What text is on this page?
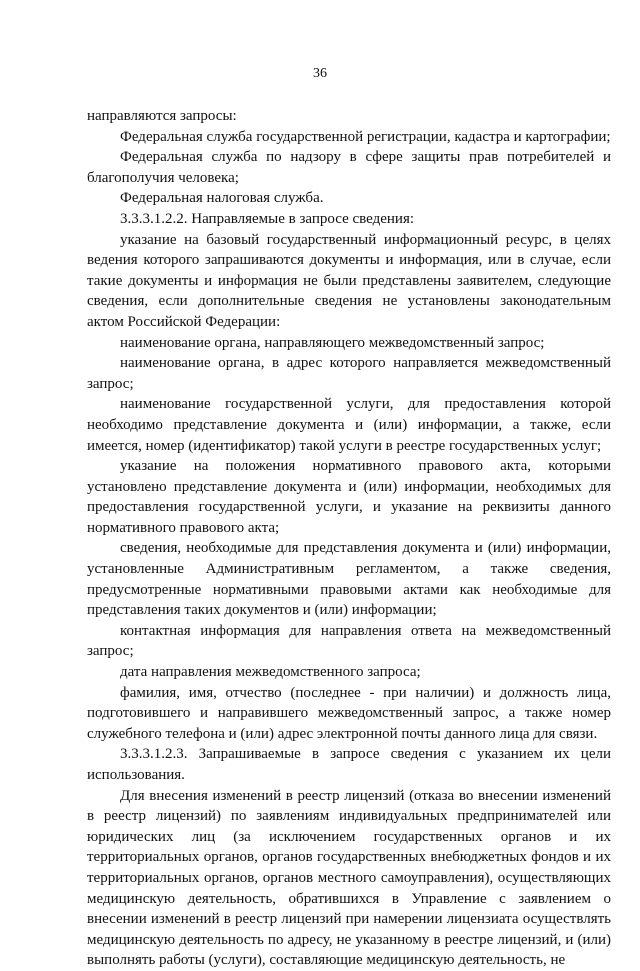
36

направляются запросы:

Федеральная служба государственной регистрации, кадастра и картографии;

Федеральная служба по надзору в сфере защиты прав потребителей и благополучия человека;

Федеральная налоговая служба.

3.3.3.1.2.2. Направляемые в запросе сведения:

указание на базовый государственный информационный ресурс, в целях ведения которого запрашиваются документы и информация, или в случае, если такие документы и информация не были представлены заявителем, следующие сведения, если дополнительные сведения не установлены законодательным актом Российской Федерации:

наименование органа, направляющего межведомственный запрос;

наименование органа, в адрес которого направляется межведомственный запрос;

наименование государственной услуги, для предоставления которой необходимо представление документа и (или) информации, а также, если имеется, номер (идентификатор) такой услуги в реестре государственных услуг;

указание на положения нормативного правового акта, которыми установлено представление документа и (или) информации, необходимых для предоставления государственной услуги, и указание на реквизиты данного нормативного правового акта;

сведения, необходимые для представления документа и (или) информации, установленные Административным регламентом, а также сведения, предусмотренные нормативными правовыми актами как необходимые для представления таких документов и (или) информации;

контактная информация для направления ответа на межведомственный запрос;

дата направления межведомственного запроса;

фамилия, имя, отчество (последнее - при наличии) и должность лица, подготовившего и направившего межведомственный запрос, а также номер служебного телефона и (или) адрес электронной почты данного лица для связи.

3.3.3.1.2.3. Запрашиваемые в запросе сведения с указанием их цели использования.

Для внесения изменений в реестр лицензий (отказа во внесении изменений в реестр лицензий) по заявлениям индивидуальных предпринимателей или юридических лиц (за исключением государственных органов и их территориальных органов, органов государственных внебюджетных фондов и их территориальных органов, органов местного самоуправления), осуществляющих медицинскую деятельность, обратившихся в Управление с заявлением о внесении изменений в реестр лицензий при намерении лицензиата осуществлять медицинскую деятельность по адресу, не указанному в реестре лицензий, и (или) выполнять работы (услуги), составляющие медицинскую деятельность, не
